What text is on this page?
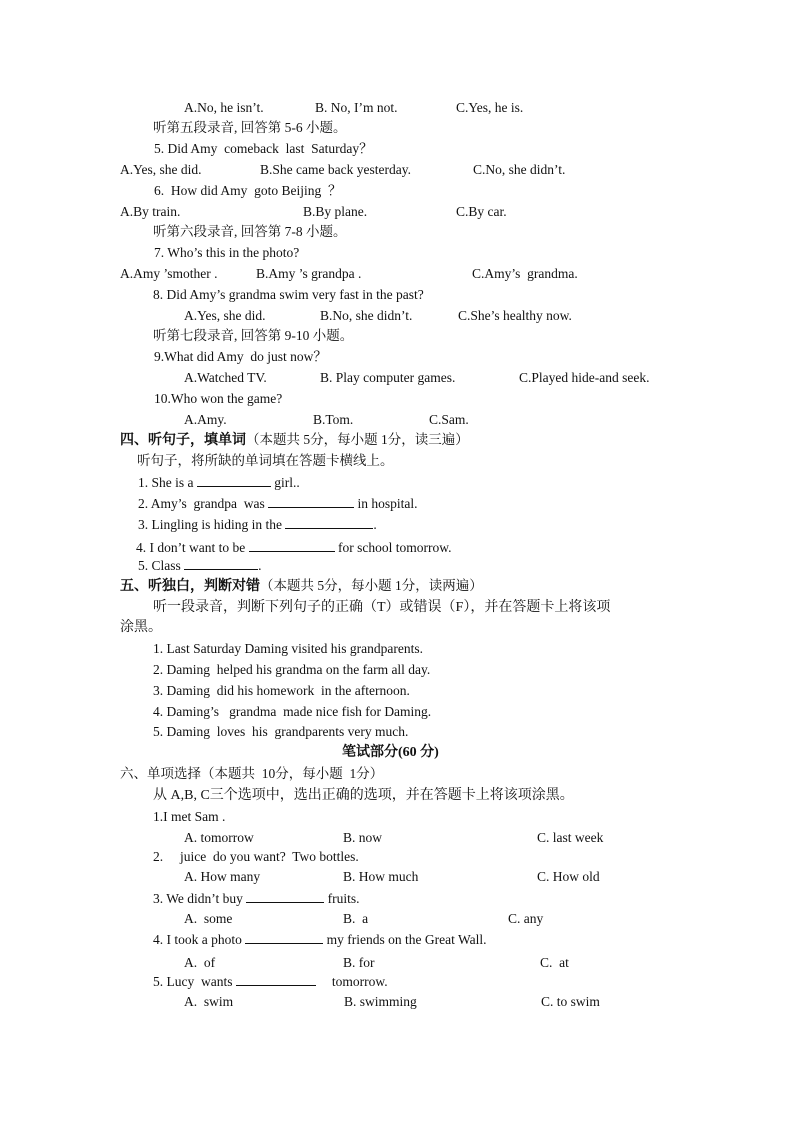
A.No, he isn’t.	B. No, I’m not.	C.Yes, he is.
听第五段录音, 回答第 5-6 小题。
5. Did Amy  comeback  last  Saturday？
A.Yes, she did.	B.She came back yesterday.	C.No, she didn’t.
6.  How did Amy  goto Beijing  ？
A.By train.	B.By plane.	C.By car.
听第六段录音, 回答第 7-8 小题。
7. Who’s this in the photo?
A.Amy ’smother .	B.Amy ’s grandpa .	C.Amy’s  grandma.
8. Did Amy’s grandma swim very fast in the past?
A.Yes, she did.	B.No, she didn’t.	C.She’s healthy now.
听第七段录音, 回答第 9-10 小题。
9.What did Amy  do just now？
A.Watched TV.	B. Play computer games.	C.Played hide-and seek.
10.Who won the game?
A.Amy.	B.Tom.	C.Sam.
四、听句子，填单词（本题共 5分，每小题 1分，读三遍）
听句子，将所缺的单词填在答题卡横线上。
1. She is a	girl..
2. Amy’s  grandpa  was	in hospital.
3. Lingling is hiding in the	.
4. I don’t want to be	for school tomorrow.
5. Class	.
五、听独白，判断对错（本题共 5分，每小题 1分，读两遍）
听一段录音，判断下列句子的正确（T）或错误（F），并在答题卡上将该项
涂黑。
1. Last Saturday Daming visited his grandparents.
2. Daming  helped his grandma on the farm all day.
3. Daming  did his homework  in the afternoon.
4. Daming’s   grandma  made nice fish for Daming.
5. Daming  loves  his  grandparents very much.
笔试部分(60 分)
六、单项选择（本题共  10分，每小题  1分）
从 A,B, C三个选项中，选出正确的选项，并在答题卡上将该项涂黑。
1.I met Sam .
A. tomorrow	B. now	C. last week
2.     juice  do you want?  Two bottles.
A. How many	B. How much	C. How old
3. We didn’t buy	fruits.
A.  some	B.  a	C. any
4. I took a photo	my friends on the Great Wall.
A.  of	B. for	C.  at
5. Lucy  wants	tomorrow.
A.  swim	B. swimming	C. to swim
